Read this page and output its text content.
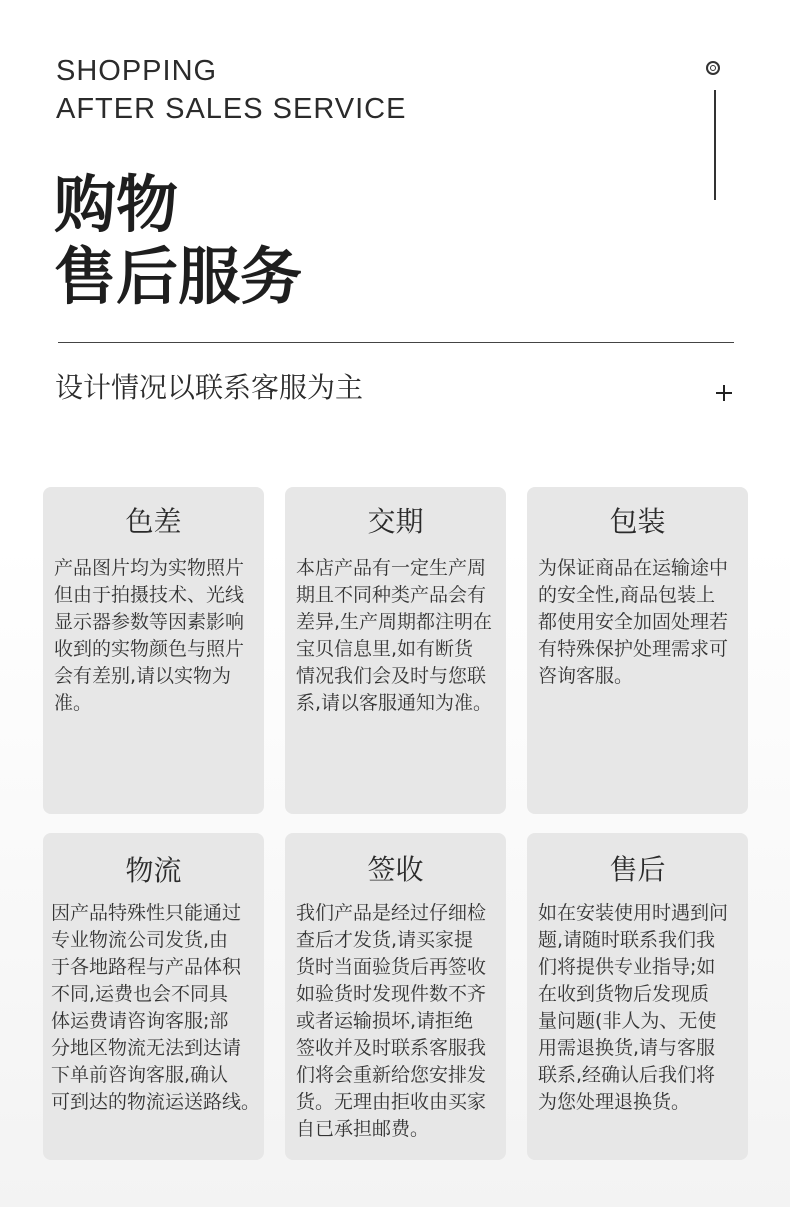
SHOPPING
AFTER SALES SERVICE
购物
售后服务
设计情况以联系客服为主
色差
产品图片均为实物照片
但由于拍摄技术、光线
显示器参数等因素影响
收到的实物颜色与照片
会有差别,请以实物为
准。
交期
本店产品有一定生产周
期且不同种类产品会有
差异,生产周期都注明在
宝贝信息里,如有断货
情况我们会及时与您联
系,请以客服通知为准。
包装
为保证商品在运输途中
的安全性,商品包装上
都使用安全加固处理若
有特殊保护处理需求可
咨询客服。
物流
因产品特殊性只能通过
专业物流公司发货,由
于各地路程与产品体积
不同,运费也会不同具
体运费请咨询客服;部
分地区物流无法到达请
下单前咨询客服,确认
可到达的物流运送路线。
签收
我们产品是经过仔细检
查后才发货,请买家提
货时当面验货后再签收
如验货时发现件数不齐
或者运输损坏,请拒绝
签收并及时联系客服我
们将会重新给您安排发
货。无理由拒收由买家
自已承担邮费。
售后
如在安装使用时遇到问
题,请随时联系我们我
们将提供专业指导;如
在收到货物后发现质
量问题(非人为、无使
用需退换货,请与客服
联系,经确认后我们将
为您处理退换货。
